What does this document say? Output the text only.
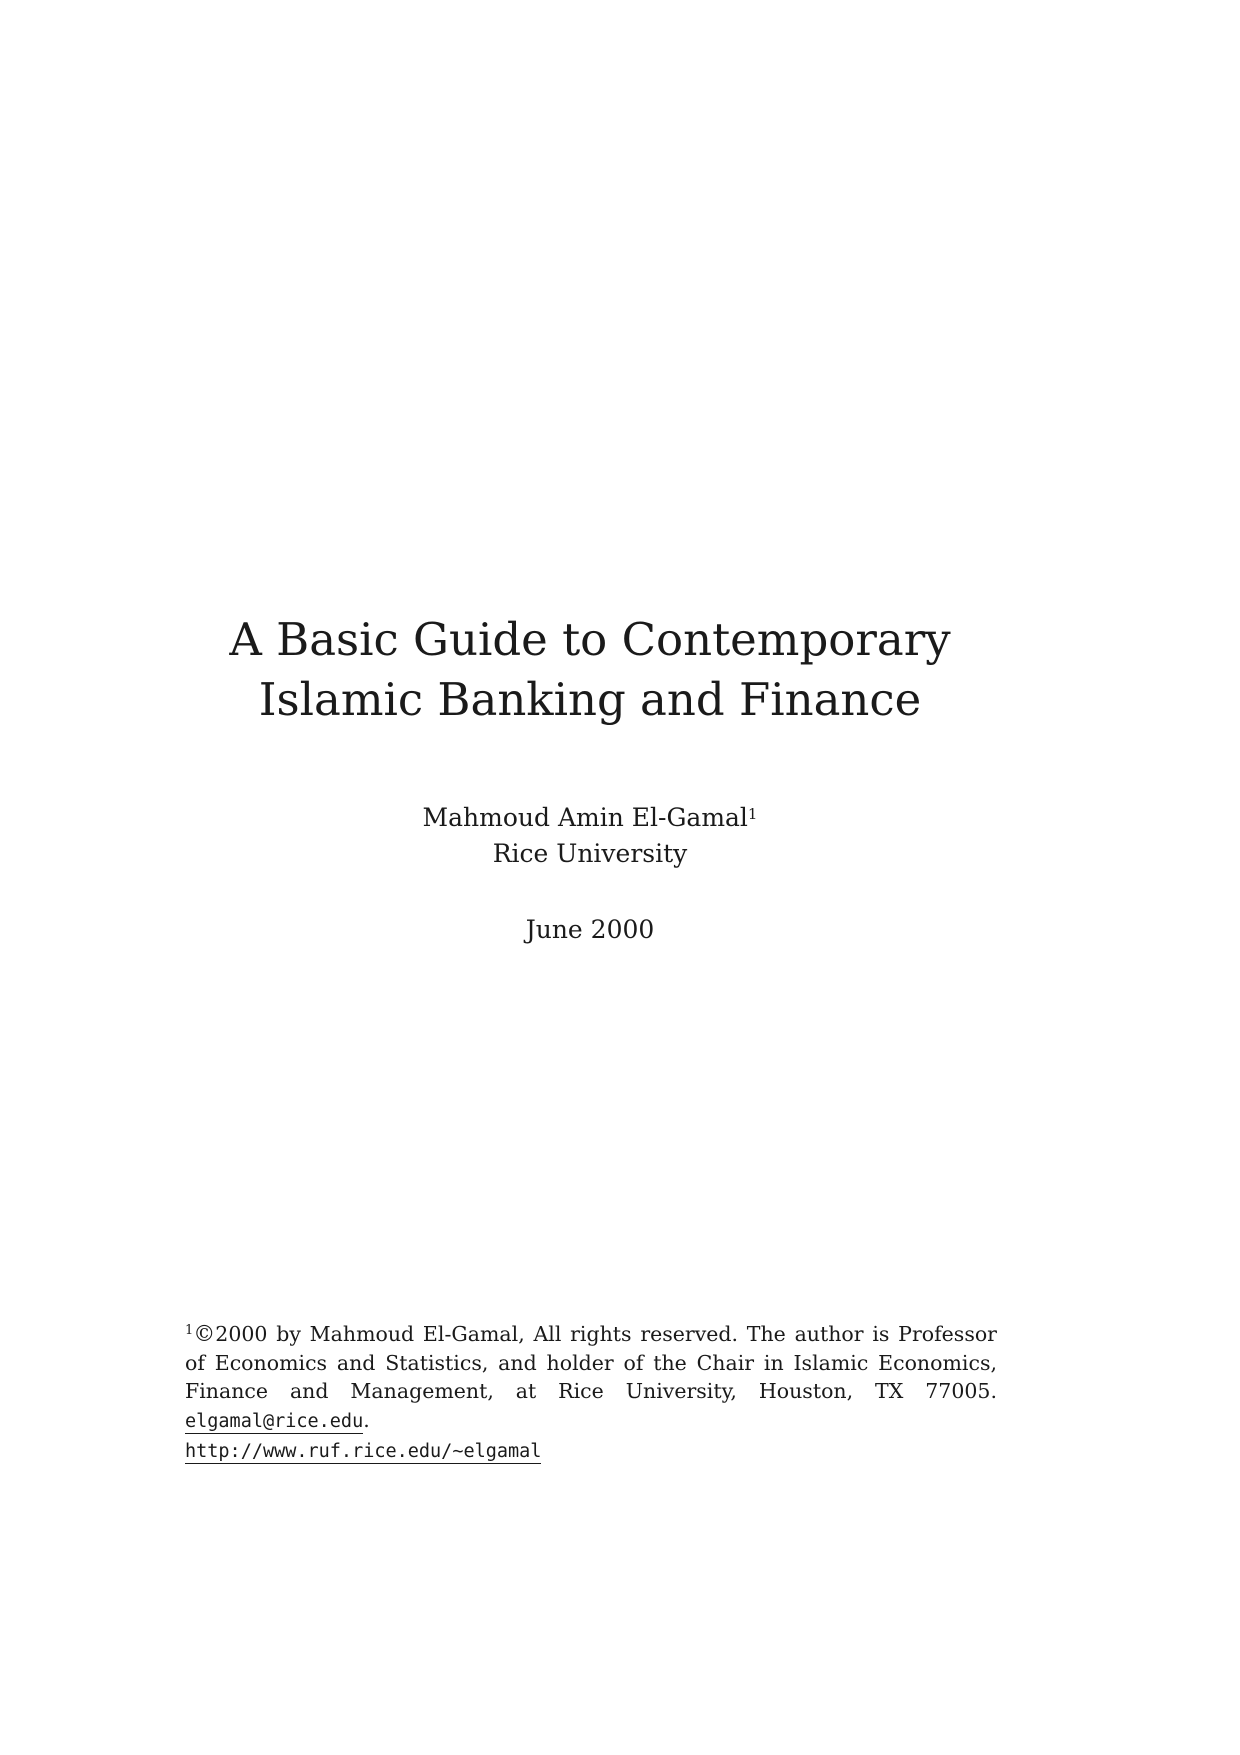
A Basic Guide to Contemporary
Islamic Banking and Finance
Mahmoud Amin El-Gamal$^1$
Rice University
June 2000
$^1$©2000 by Mahmoud El-Gamal, All rights reserved. The author is Professor of Economics and Statistics, and holder of the Chair in Islamic Economics, Finance and Management, at Rice University, Houston, TX 77005. elgamal@rice.edu.
http://www.ruf.rice.edu/∼elgamal
